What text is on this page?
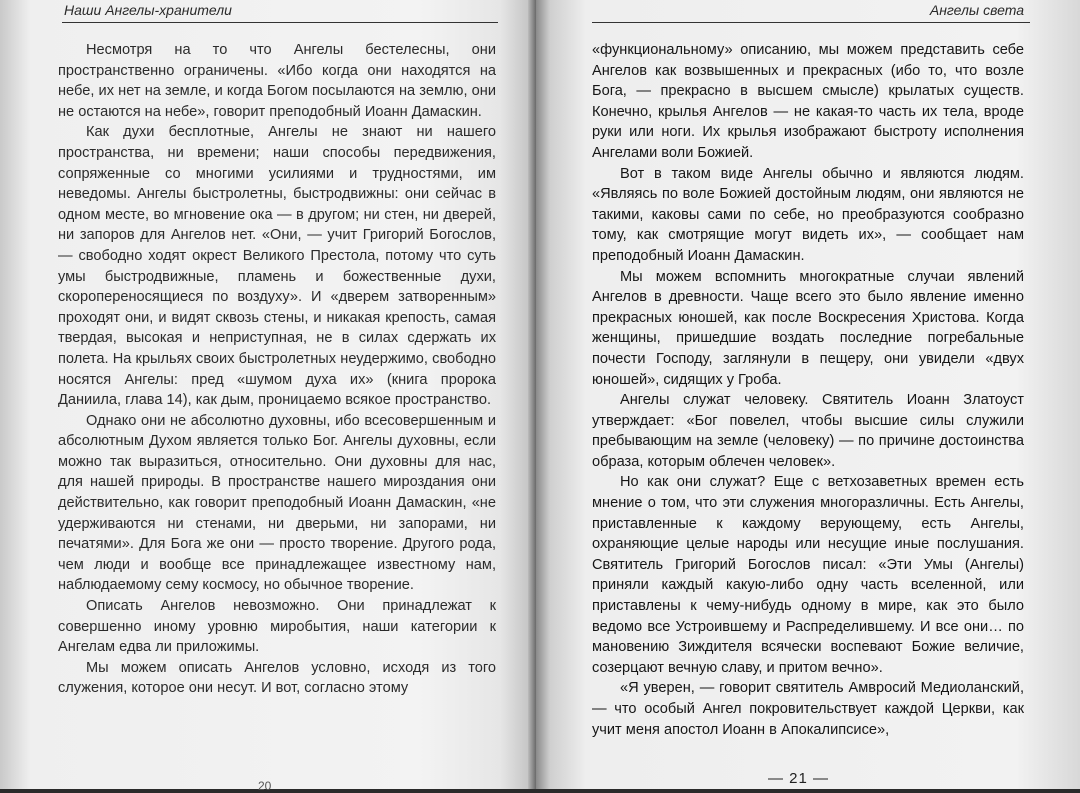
Наши Ангелы-хранители

Несмотря на то что Ангелы бестелесны, они пространственно ограничены. «Ибо когда они находятся на небе, их нет на земле, и когда Богом посылаются на землю, они не остаются на небе», говорит преподобный Иоанн Дамаскин.

Как духи бесплотные, Ангелы не знают ни нашего пространства, ни времени; наши способы передвижения, сопряженные со многими усилиями и трудностями, им неведомы. Ангелы быстролетны, быстродвижны: они сейчас в одном месте, во мгновение ока — в другом; ни стен, ни дверей, ни запоров для Ангелов нет. «Они, — учит Григорий Богослов, — свободно ходят окрест Великого Престола, потому что суть умы быстродвижные, пламень и божественные духи, скоропереносящиеся по воздуху». И «дверем затворенным» проходят они, и видят сквозь стены, и никакая крепость, самая твердая, высокая и неприступная, не в силах сдержать их полета. На крыльях своих быстролетных неудержимо, свободно носятся Ангелы: пред «шумом духа их» (книга пророка Даниила, глава 14), как дым, проницаемо всякое пространство.

Однако они не абсолютно духовны, ибо всесовершенным и абсолютным Духом является только Бог. Ангелы духовны, если можно так выразиться, относительно. Они духовны для нас, для нашей природы. В пространстве нашего мироздания они действительно, как говорит преподобный Иоанн Дамаскин, «не удерживаются ни стенами, ни дверьми, ни запорами, ни печатями». Для Бога же они — просто творение. Другого рода, чем люди и вообще все принадлежащее известному нам, наблюдаемому сему космосу, но обычное творение.

Описать Ангелов невозможно. Они принадлежат к совершенно иному уровню миробытия, наши категории к Ангелам едва ли приложимы.

Мы можем описать Ангелов условно, исходя из того служения, которое они несут. И вот, согласно этому

20
Ангелы света

«функциональному» описанию, мы можем представить себе Ангелов как возвышенных и прекрасных (ибо то, что возле Бога, — прекрасно в высшем смысле) крылатых существ. Конечно, крылья Ангелов — не какая-то часть их тела, вроде руки или ноги. Их крылья изображают быстроту исполнения Ангелами воли Божией.

Вот в таком виде Ангелы обычно и являются людям. «Являясь по воле Божией достойным людям, они являются не такими, каковы сами по себе, но преобразуются сообразно тому, как смотрящие могут видеть их», — сообщает нам преподобный Иоанн Дамаскин.

Мы можем вспомнить многократные случаи явлений Ангелов в древности. Чаще всего это было явление именно прекрасных юношей, как после Воскресения Христова. Когда женщины, пришедшие воздать последние погребальные почести Господу, заглянули в пещеру, они увидели «двух юношей», сидящих у Гроба.

Ангелы служат человеку. Святитель Иоанн Златоуст утверждает: «Бог повелел, чтобы высшие силы служили пребывающим на земле (человеку) — по причине достоинства образа, которым облечен человек».

Но как они служат? Еще с ветхозаветных времен есть мнение о том, что эти служения многоразличны. Есть Ангелы, приставленные к каждому верующему, есть Ангелы, охраняющие целые народы или несущие иные послушания. Святитель Григорий Богослов писал: «Эти Умы (Ангелы) приняли каждый какую-либо одну часть вселенной, или приставлены к чему-нибудь одному в мире, как это было ведомо все Устроившему и Распределившему. И все они… по мановению Зиждителя всячески воспевают Божие величие, созерцают вечную славу, и притом вечно».

«Я уверен, — говорит святитель Амвросий Медиоланский, — что особый Ангел покровительствует каждой Церкви, как учит меня апостол Иоанн в Апокалипсисе»,

— 21 —
